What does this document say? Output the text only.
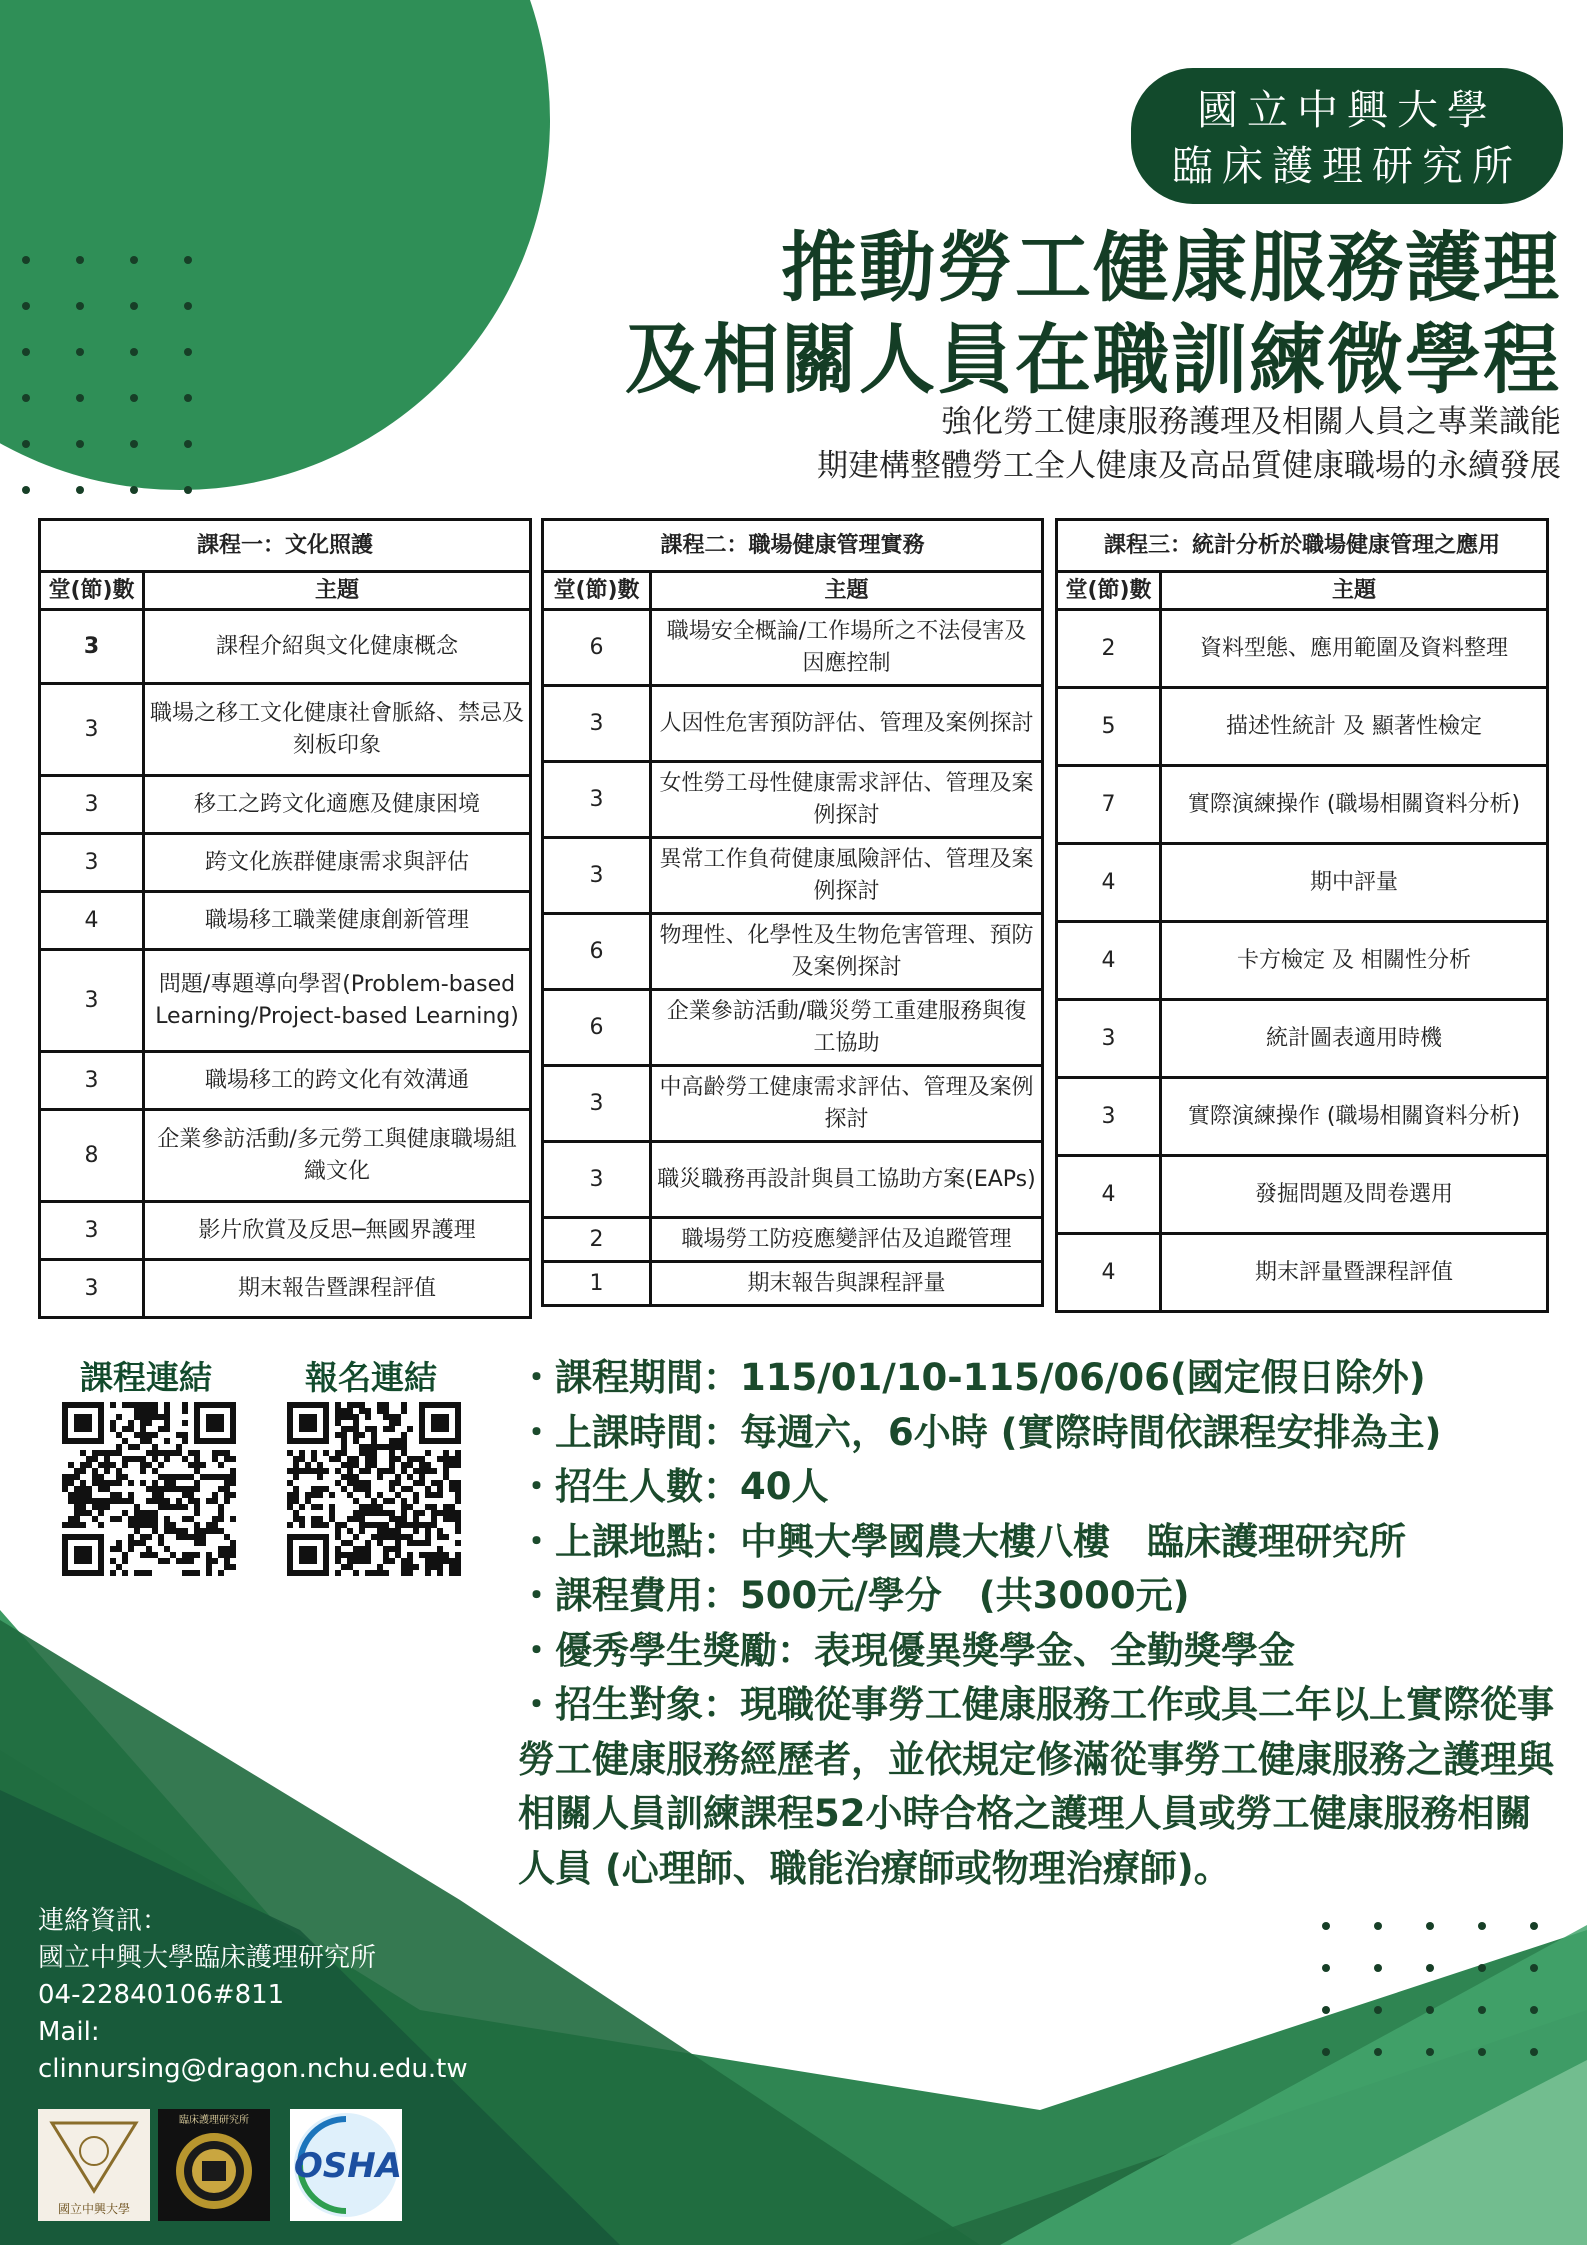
國立中興大學
臨床護理研究所
推動勞工健康服務護理
及相關人員在職訓練微學程
強化勞工健康服務護理及相關人員之專業識能
期建構整體勞工全人健康及高品質健康職場的永續發展
課程一：文化照護	
堂(節)數	主題
3	課程介紹與文化健康概念
3	職場之移工文化健康社會脈絡、禁忌及刻板印象
3	移工之跨文化適應及健康困境
3	跨文化族群健康需求與評估
4	職場移工職業健康創新管理
3	問題/專題導向學習(Problem-based Learning/Project-based Learning)
3	職場移工的跨文化有效溝通
8	企業參訪活動/多元勞工與健康職場組織文化
3	影片欣賞及反思─無國界護理
3	期末報告暨課程評值
課程二：職場健康管理實務	
堂(節)數	主題
6	職場安全概論/工作場所之不法侵害及因應控制
3	人因性危害預防評估、管理及案例探討
3	女性勞工母性健康需求評估、管理及案例探討
3	異常工作負荷健康風險評估、管理及案例探討
6	物理性、化學性及生物危害管理、預防及案例探討
6	企業參訪活動/職災勞工重建服務與復工協助
3	中高齡勞工健康需求評估、管理及案例探討
3	職災職務再設計與員工協助方案(EAPs)
2	職場勞工防疫應變評估及追蹤管理
1	期末報告與課程評量
課程三：統計分析於職場健康管理之應用	
堂(節)數	主題
2	資料型態、應用範圍及資料整理
5	描述性統計 及 顯著性檢定
7	實際演練操作 (職場相關資料分析)
4	期中評量
4	卡方檢定 及 相關性分析
3	統計圖表適用時機
3	實際演練操作 (職場相關資料分析)
4	發掘問題及問卷選用
4	期末評量暨課程評值
課程連結	報名連結 ・課程期間：115/01/10-115/06/06(國定假日除外)

・上課時間：每週六，6小時 (實際時間依課程安排為主)

・招生人數：40人

・上課地點：中興大學國農大樓八樓　臨床護理研究所

・課程費用：500元/學分　(共3000元)

・優秀學生獎勵：表現優異獎學金、全勤獎學金

・招生對象：現職從事勞工健康服務工作或具二年以上實際從事勞工健康服務經歷者，並依規定修滿從事勞工健康服務之護理與相關人員訓練課程52小時合格之護理人員或勞工健康服務相關人員 (心理師、職能治療師或物理治療師)。

連絡資訊：
國立中興大學臨床護理研究所
04-22840106#811
Mail:
clinnursing@dragon.nchu.edu.tw
國立中興大學
臨床護理研究所
OSHA
